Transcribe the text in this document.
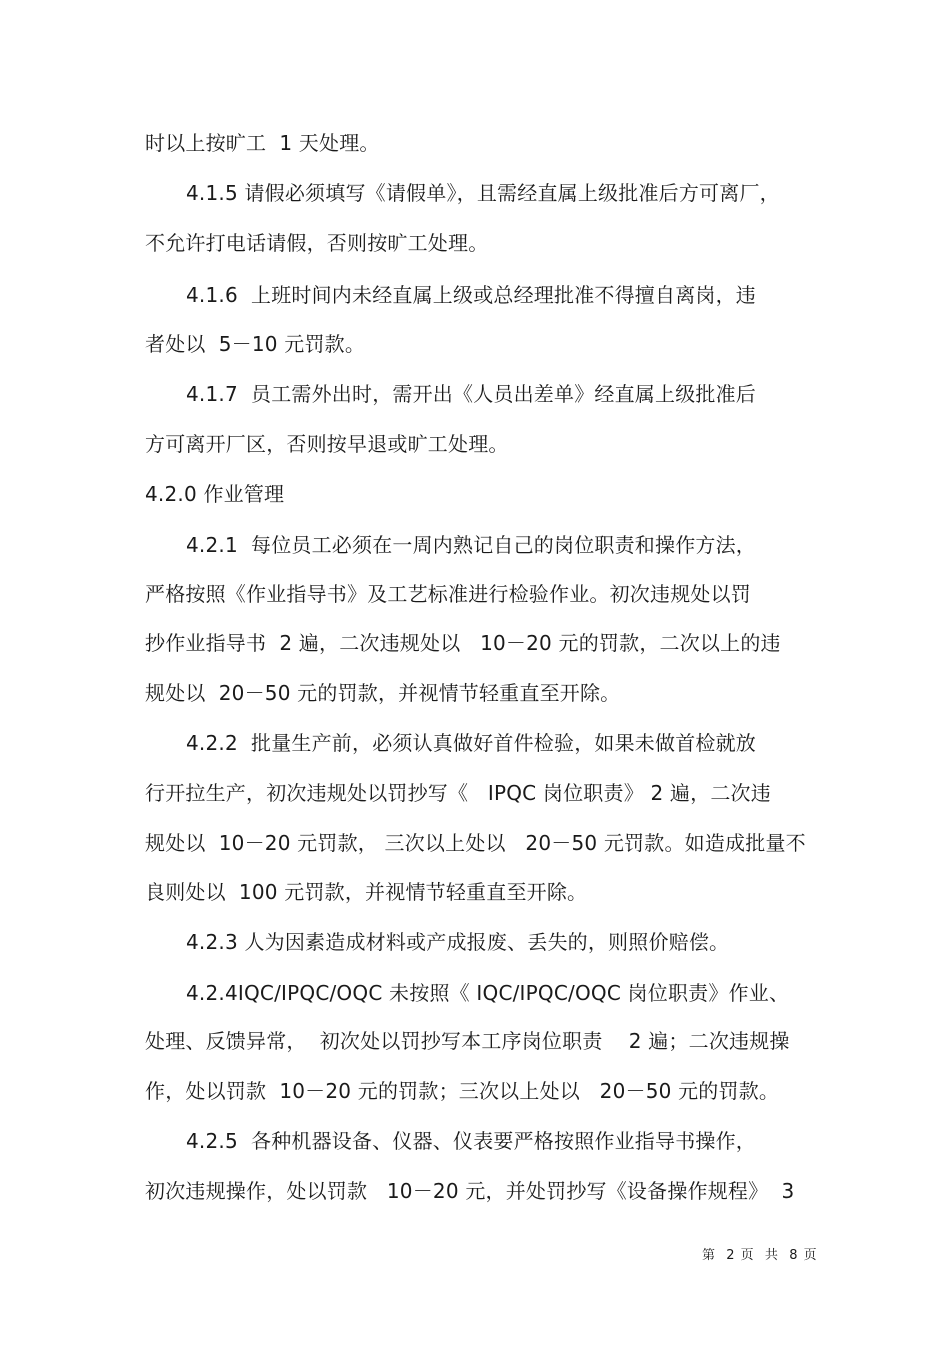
时以上按旷工  1 天处理。
4.1.5 请假必须填写《请假单》，且需经直属上级批准后方可离厂，
不允许打电话请假，否则按旷工处理。
4.1.6  上班时间内未经直属上级或总经理批准不得擅自离岗，违
者处以  5－10 元罚款。
4.1.7  员工需外出时，需开出《人员出差单》经直属上级批准后
方可离开厂区，否则按早退或旷工处理。
4.2.0 作业管理
4.2.1  每位员工必须在一周内熟记自己的岗位职责和操作方法，
严格按照《作业指导书》及工艺标准进行检验作业。初次违规处以罚
抄作业指导书  2 遍，二次违规处以   10－20 元的罚款，二次以上的违
规处以  20－50 元的罚款，并视情节轻重直至开除。
4.2.2  批量生产前，必须认真做好首件检验，如果未做首检就放
行开拉生产，初次违规处以罚抄写《   IPQC 岗位职责》 2 遍，二次违
规处以  10－20 元罚款， 三次以上处以   20－50 元罚款。如造成批量不
良则处以  100 元罚款，并视情节轻重直至开除。
4.2.3 人为因素造成材料或产成报废、丢失的，则照价赔偿。
4.2.4IQC/IPQC/OQC 未按照《 IQC/IPQC/OQC 岗位职责》作业、
处理、反馈异常，  初次处以罚抄写本工序岗位职责    2 遍；二次违规操
作，处以罚款  10－20 元的罚款；三次以上处以   20－50 元的罚款。
4.2.5  各种机器设备、仪器、仪表要严格按照作业指导书操作，
初次违规操作，处以罚款   10－20 元，并处罚抄写《设备操作规程》  3
第  2 页  共  8 页
